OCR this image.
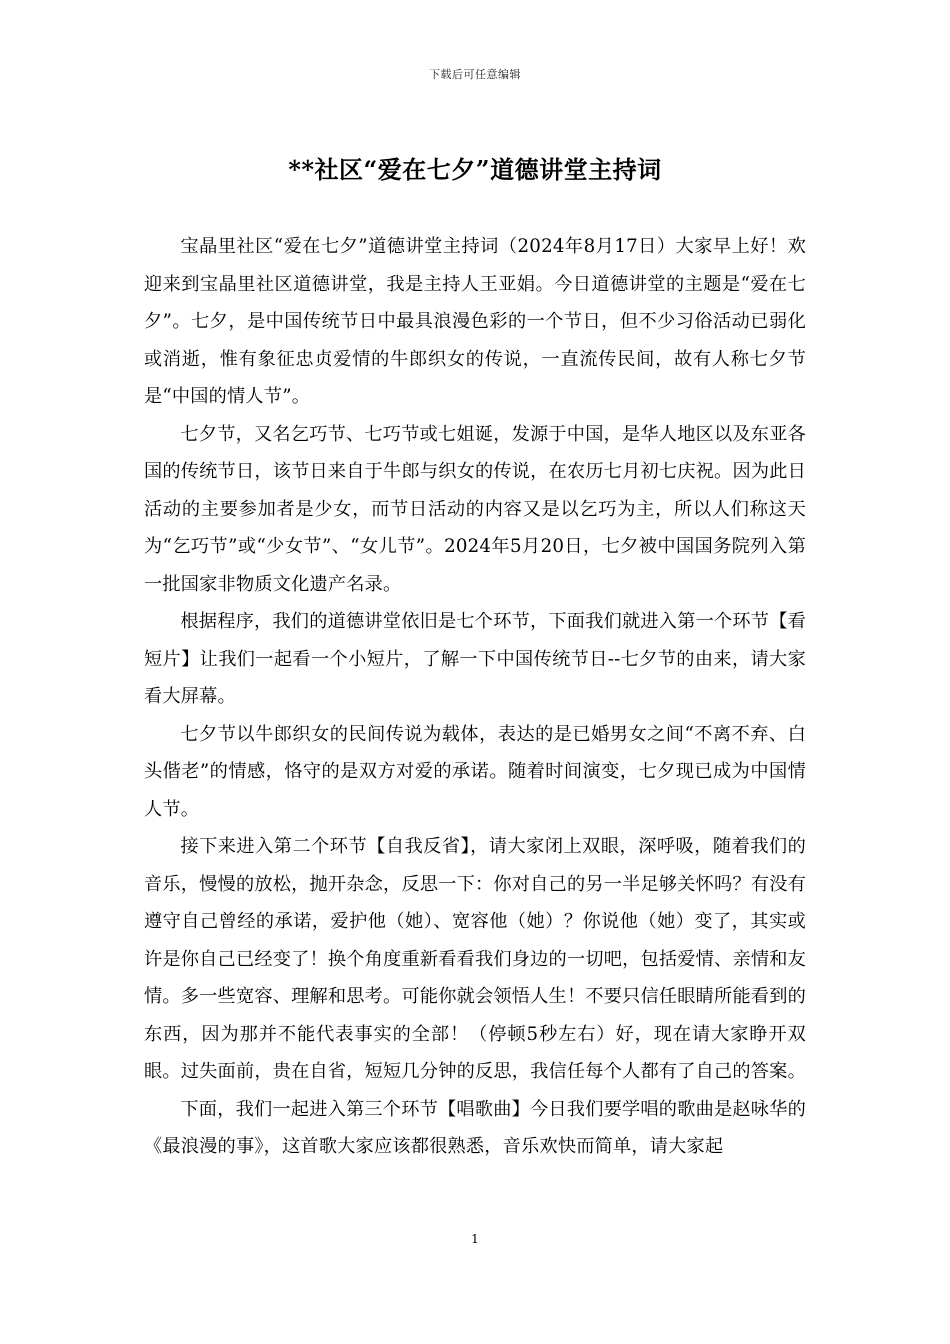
下载后可任意编辑
**社区“爱在七夕”道德讲堂主持词

宝晶里社区“爱在七夕”道德讲堂主持词（2024年8月17日）大家早上好！欢迎来到宝晶里社区道德讲堂，我是主持人王亚娟。今日道德讲堂的主题是“爱在七夕”。七夕，是中国传统节日中最具浪漫色彩的一个节日，但不少习俗活动已弱化或消逝，惟有象征忠贞爱情的牛郎织女的传说，一直流传民间，故有人称七夕节是“中国的情人节”。

七夕节，又名乞巧节、七巧节或七姐诞，发源于中国，是华人地区以及东亚各国的传统节日，该节日来自于牛郎与织女的传说，在农历七月初七庆祝。因为此日活动的主要参加者是少女，而节日活动的内容又是以乞巧为主，所以人们称这天为“乞巧节”或“少女节”、“女儿节”。2024年5月20日，七夕被中国国务院列入第一批国家非物质文化遗产名录。

根据程序，我们的道德讲堂依旧是七个环节，下面我们就进入第一个环节【看短片】让我们一起看一个小短片，了解一下中国传统节日--七夕节的由来，请大家看大屏幕。

七夕节以牛郎织女的民间传说为载体，表达的是已婚男女之间“不离不弃、白头偕老”的情感，恪守的是双方对爱的承诺。随着时间演变，七夕现已成为中国情人节。

接下来进入第二个环节【自我反省】，请大家闭上双眼，深呼吸，随着我们的音乐，慢慢的放松，抛开杂念，反思一下：你对自己的另一半足够关怀吗？有没有遵守自己曾经的承诺，爱护他（她）、宽容他（她）？你说他（她）变了，其实或许是你自己已经变了！换个角度重新看看我们身边的一切吧，包括爱情、亲情和友情。多一些宽容、理解和思考。可能你就会领悟人生！不要只信任眼睛所能看到的东西，因为那并不能代表事实的全部！（停顿5秒左右）好，现在请大家睁开双眼。过失面前，贵在自省，短短几分钟的反思，我信任每个人都有了自己的答案。

下面，我们一起进入第三个环节【唱歌曲】今日我们要学唱的歌曲是赵咏华的《最浪漫的事》，这首歌大家应该都很熟悉，音乐欢快而简单，请大家起

1
